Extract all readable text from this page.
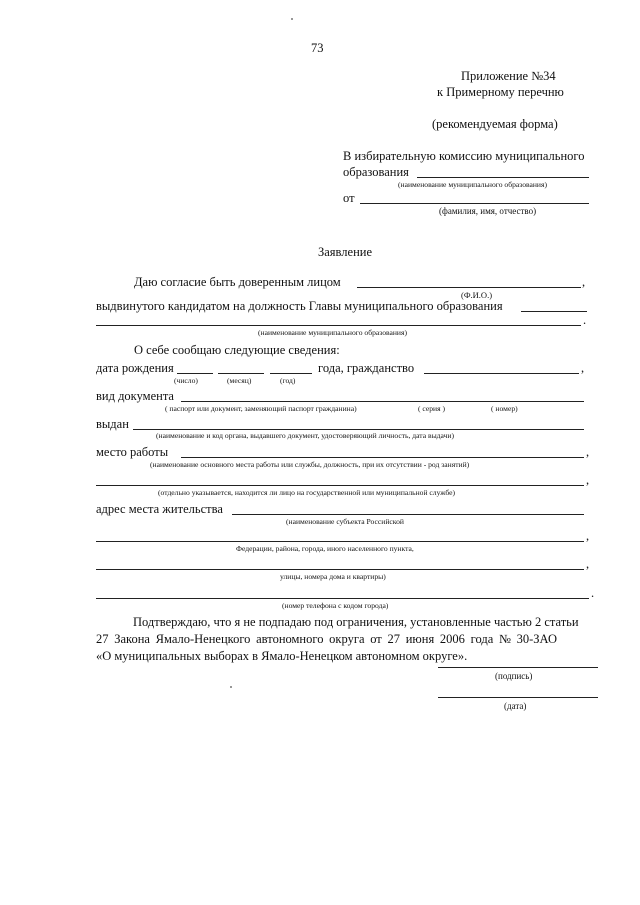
73
Приложение №34
к Примерному перечню
(рекомендуемая форма)
В избирательную комиссию муниципального
образования
(наименование муниципального образования)
от
(фамилия, имя, отчество)
Заявление
Даю согласие быть доверенным лицом	,
(Ф.И.О.)
выдвинутого кандидатом на должность Главы муниципального образования
.
(наименование муниципального образования)
О себе сообщаю следующие сведения:
дата рождения	года, гражданство	,
(число)	(месяц)	(год)
вид документа
( паспорт или документ, заменяющий паспорт гражданина)	( серия )	( номер)
выдан
(наименование и код органа, выдавшего документ, удостоверяющий личность, дата выдачи)
место работы	,
(наименование основного места работы или службы, должность, при их отсутствии - род занятий)
,
(отдельно указывается, находится ли лицо на государственной или муниципальной службе)
адрес места жительства
(наименование субъекта Российской
,
Федерации, района, города, иного населенного пункта,
,
улицы, номера дома и квартиры)
.
(номер телефона с кодом города)
Подтверждаю, что я не подпадаю под ограничения, установленные частью 2 статьи
27 Закона Ямало-Ненецкого автономного округа от 27 июня 2006 года № 30-ЗАО
«О муниципальных выборах в Ямало-Ненецком автономном округе».
(подпись)
(дата)
